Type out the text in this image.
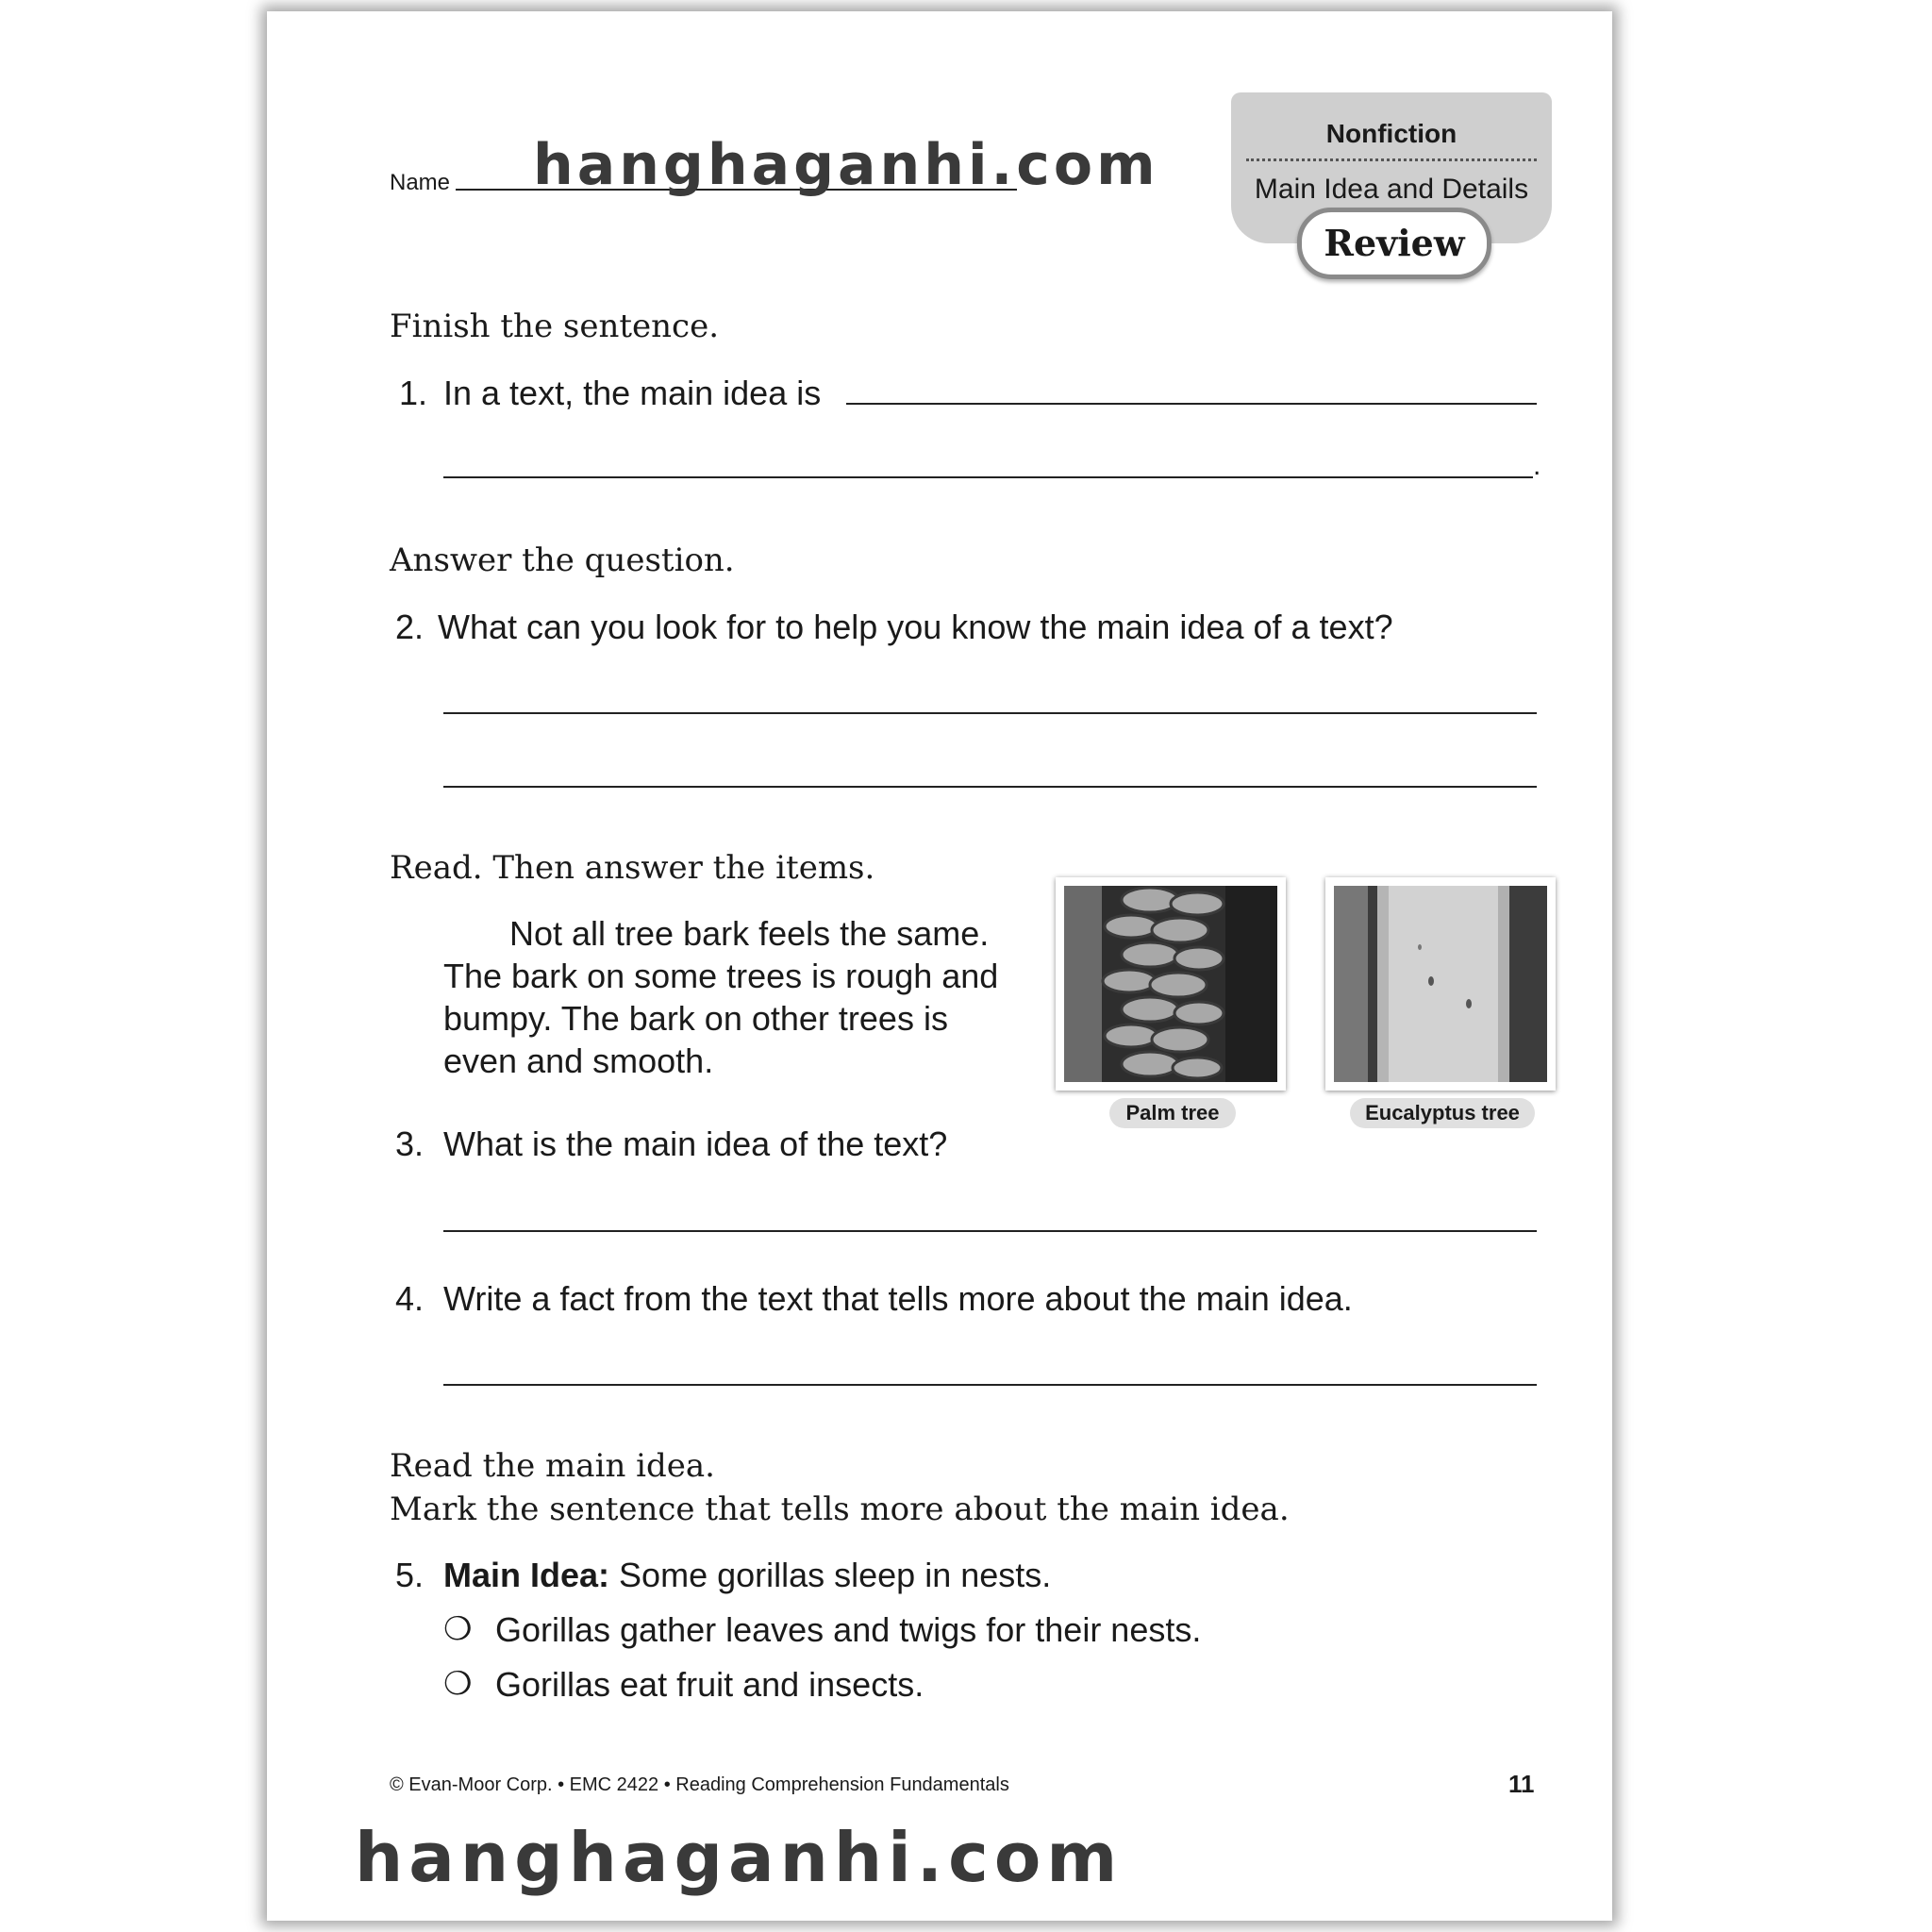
Name hanghaganhi.com	Nonfiction
Main Idea and Details
Review
Finish the sentence.
1. In a text, the main idea is
.
Answer the question.
2. What can you look for to help you know the main idea of a text?
Read. Then answer the items.
Not all tree bark feels the same. The bark on some trees is rough and bumpy. The bark on other trees is even and smooth.
Palm tree	Eucalyptus tree
3. What is the main idea of the text?
4. Write a fact from the text that tells more about the main idea.
Read the main idea.
Mark the sentence that tells more about the main idea.
5. Main Idea: Some gorillas sleep in nests.
❍ Gorillas gather leaves and twigs for their nests.
❍ Gorillas eat fruit and insects.
© Evan-Moor Corp. • EMC 2422 • Reading Comprehension Fundamentals	11
hanghaganhi.com
